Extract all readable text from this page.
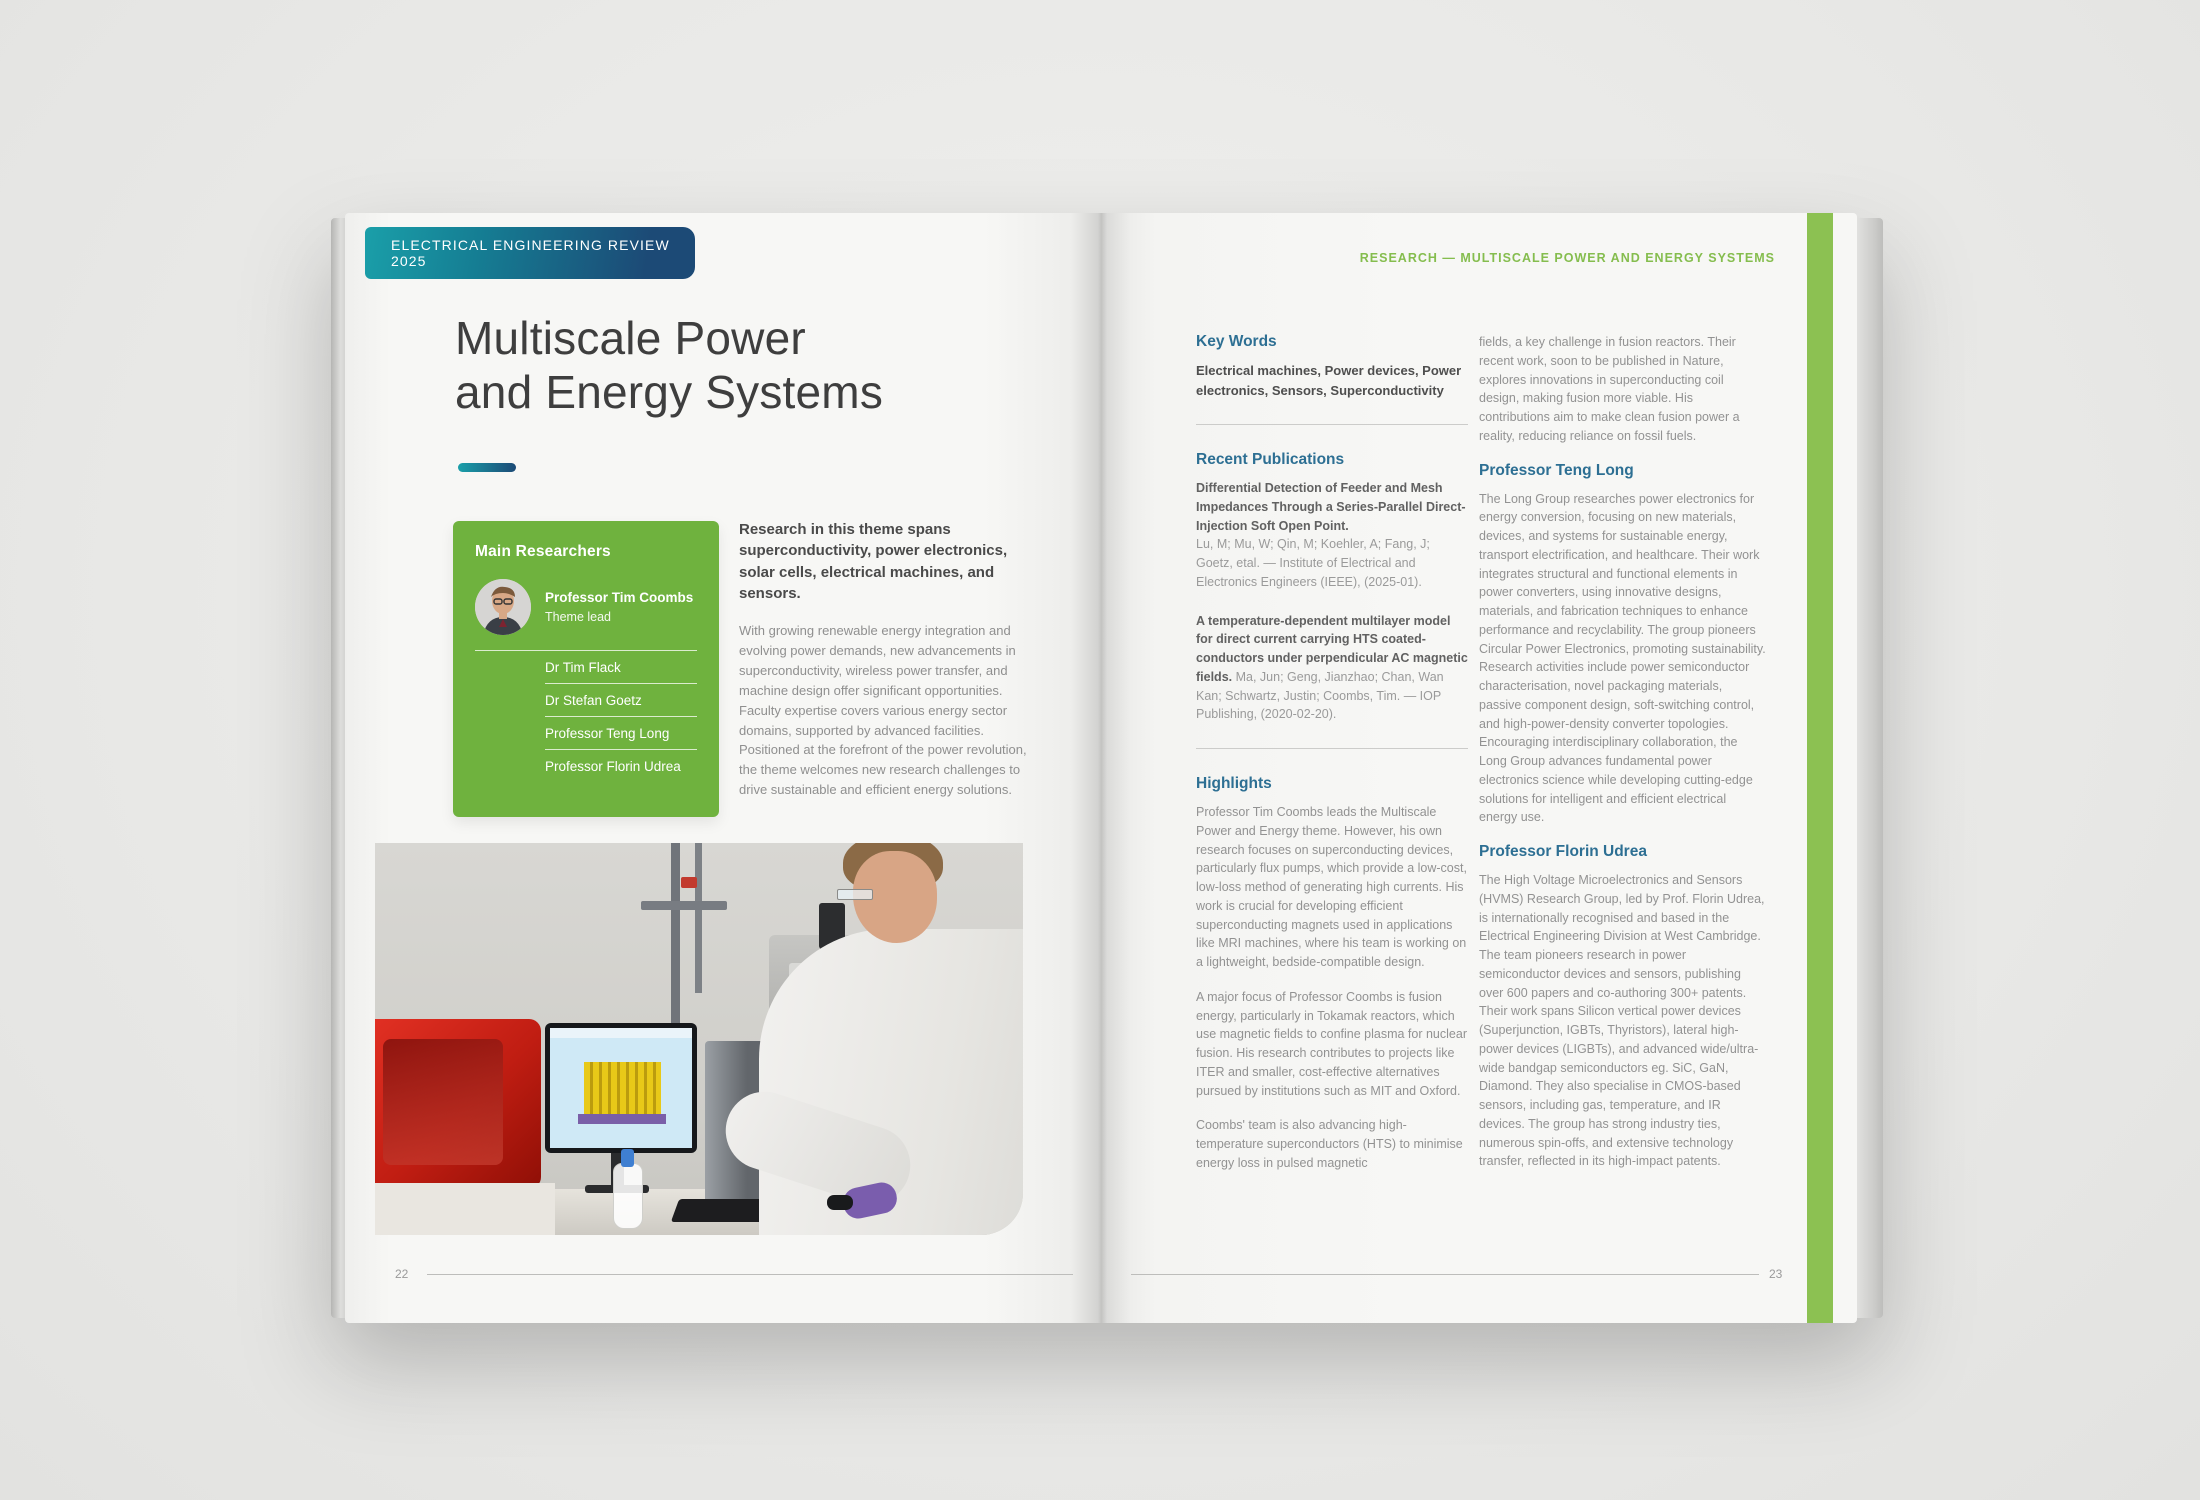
ELECTRICAL ENGINEERING REVIEW 2025
Multiscale Power
and Energy Systems
Main Researchers
Professor Tim Coombs
Theme lead
Dr Tim Flack
Dr Stefan Goetz
Professor Teng Long
Professor Florin Udrea
Research in this theme spans superconductivity, power electronics, solar cells, electrical machines, and sensors.
With growing renewable energy integration and evolving power demands, new advancements in superconductivity, wireless power transfer, and machine design offer significant opportunities. Faculty expertise covers various energy sector domains, supported by advanced facilities. Positioned at the forefront of the power revolution, the theme welcomes new research challenges to drive sustainable and efficient energy solutions.
22
RESEARCH — MULTISCALE POWER AND ENERGY SYSTEMS
Key Words
Electrical machines, Power devices, Power electronics, Sensors, Superconductivity
Recent Publications

Differential Detection of Feeder and Mesh Impedances Through a Series-Parallel Direct-Injection Soft Open Point.
Lu, M; Mu, W; Qin, M; Koehler, A; Fang, J; Goetz, etal. — Institute of Electrical and Electronics Engineers (IEEE), (2025-01).

A temperature-dependent multilayer model for direct current carrying HTS coated-conductors under perpendicular AC magnetic fields. Ma, Jun; Geng, Jianzhao; Chan, Wan Kan; Schwartz, Justin; Coombs, Tim. — IOP Publishing, (2020-02-20).

Highlights

Professor Tim Coombs leads the Multiscale Power and Energy theme. However, his own research focuses on superconducting devices, particularly flux pumps, which provide a low-cost, low-loss method of generating high currents. His work is crucial for developing efficient superconducting magnets used in applications like MRI machines, where his team is working on a lightweight, bedside-compatible design.

A major focus of Professor Coombs is fusion energy, particularly in Tokamak reactors, which use magnetic fields to confine plasma for nuclear fusion. His research contributes to projects like ITER and smaller, cost-effective alternatives pursued by institutions such as MIT and Oxford.

Coombs' team is also advancing high-temperature superconductors (HTS) to minimise energy loss in pulsed magnetic

fields, a key challenge in fusion reactors. Their recent work, soon to be published in Nature, explores innovations in superconducting coil design, making fusion more viable. His contributions aim to make clean fusion power a reality, reducing reliance on fossil fuels.

Professor Teng Long

The Long Group researches power electronics for energy conversion, focusing on new materials, devices, and systems for sustainable energy, transport electrification, and healthcare. Their work integrates structural and functional elements in power converters, using innovative designs, materials, and fabrication techniques to enhance performance and recyclability. The group pioneers Circular Power Electronics, promoting sustainability. Research activities include power semiconductor characterisation, novel packaging materials, passive component design, soft-switching control, and high-power-density converter topologies. Encouraging interdisciplinary collaboration, the Long Group advances fundamental power electronics science while developing cutting-edge solutions for intelligent and efficient electrical energy use.

Professor Florin Udrea

The High Voltage Microelectronics and Sensors (HVMS) Research Group, led by Prof. Florin Udrea, is internationally recognised and based in the Electrical Engineering Division at West Cambridge. The team pioneers research in power semiconductor devices and sensors, publishing over 600 papers and co-authoring 300+ patents. Their work spans Silicon vertical power devices (Superjunction, IGBTs, Thyristors), lateral high-power devices (LIGBTs), and advanced wide/ultra-wide bandgap semiconductors eg. SiC, GaN, Diamond. They also specialise in CMOS-based sensors, including gas, temperature, and IR devices. The group has strong industry ties, numerous spin-offs, and extensive technology transfer, reflected in its high-impact patents.

23
